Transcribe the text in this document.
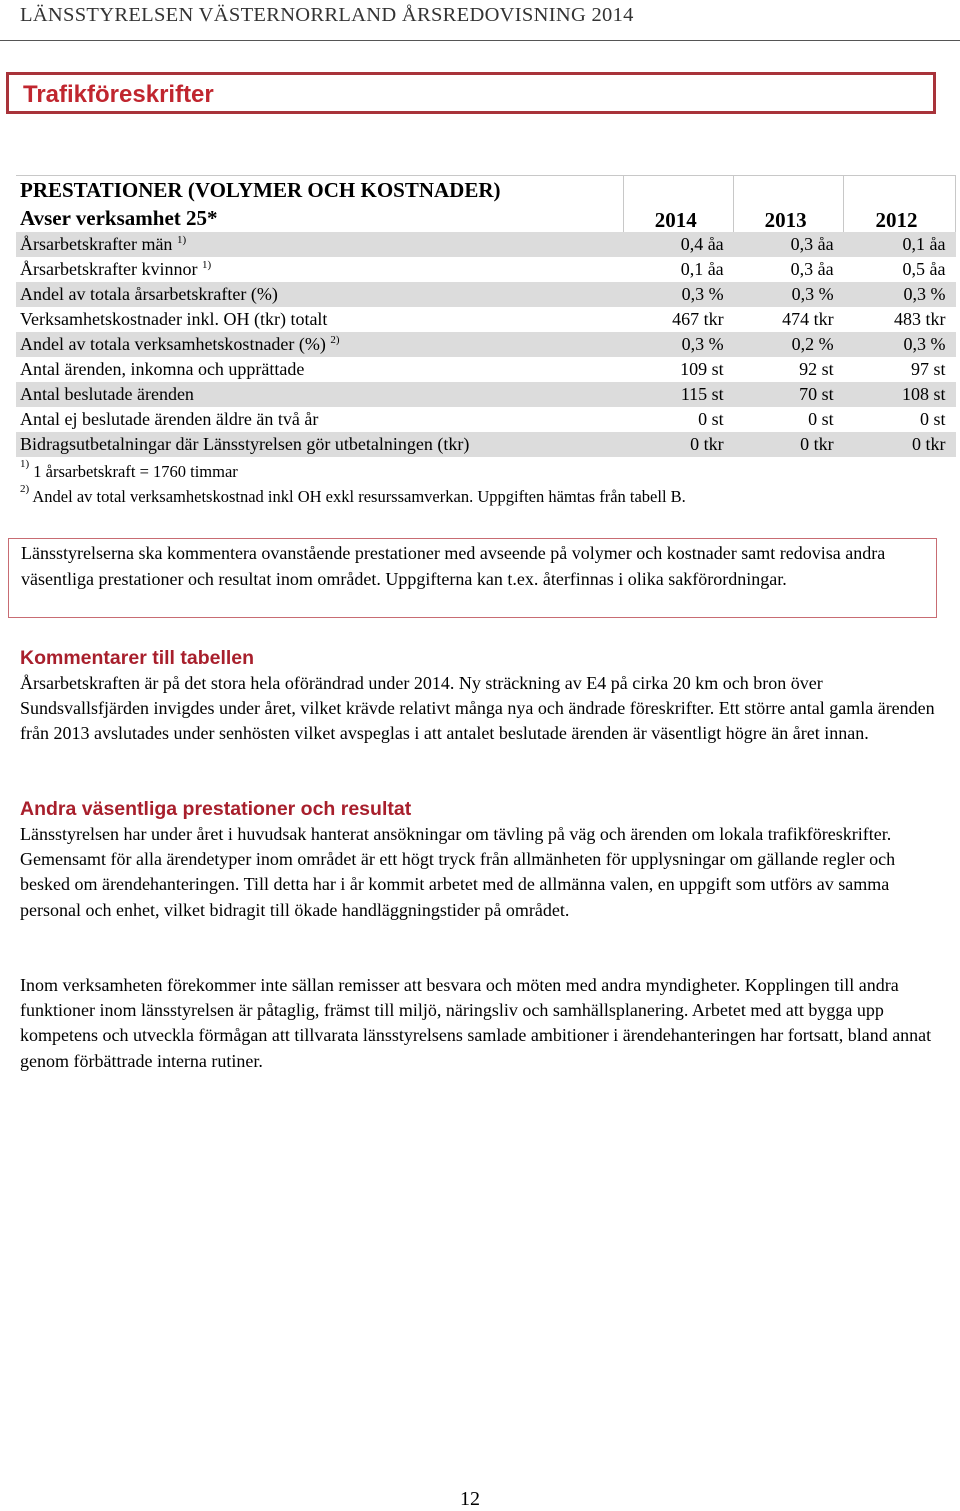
LÄNSSTYRELSEN VÄSTERNORRLAND ÅRSREDOVISNING 2014
Trafikföreskrifter
PRESTATIONER (VOLYMER OCH KOSTNADER)	2014	2013	2012
Avser verksamhet 25*			
Årsarbetskrafter män $^{1)}$	0,4 åa	0,3 åa	0,1 åa
Årsarbetskrafter kvinnor $^{1)}$	0,1 åa	0,3 åa	0,5 åa
Andel av totala årsarbetskrafter (%)	0,3 %	0,3 %	0,3 %
Verksamhetskostnader inkl. OH (tkr) totalt	467 tkr	474 tkr	483 tkr
Andel av totala verksamhetskostnader (%) $^{2)}$	0,3 %	0,2 %	0,3 %
Antal ärenden, inkomna och upprättade	109 st	92 st	97 st
Antal beslutade ärenden	115 st	70 st	108 st
Antal ej beslutade ärenden äldre än två år	0 st	0 st	0 st
Bidragsutbetalningar där Länsstyrelsen gör utbetalningen (tkr)	0 tkr	0 tkr	0 tkr
$^{1)}$ 1 årsarbetskraft = 1760 timmar
$^{2)}$ Andel av total verksamhetskostnad inkl OH exkl resurssamverkan. Uppgiften hämtas från tabell B.
Länsstyrelserna ska kommentera ovanstående prestationer med avseende på volymer och kostnader samt redovisa andra väsentliga prestationer och resultat inom området. Uppgifterna kan t.ex. återfinnas i olika sakförordningar.
Kommentarer till tabellen

Årsarbetskraften är på det stora hela oförändrad under 2014. Ny sträckning av E4 på cirka 20 km och bron över Sundsvallsfjärden invigdes under året, vilket krävde relativt många nya och ändrade föreskrifter. Ett större antal gamla ärenden från 2013 avslutades under senhösten vilket avspeglas i att antalet beslutade ärenden är väsentligt högre än året innan.

Andra väsentliga prestationer och resultat

Länsstyrelsen har under året i huvudsak hanterat ansökningar om tävling på väg och ärenden om lokala trafikföreskrifter. Gemensamt för alla ärendetyper inom området är ett högt tryck från allmänheten för upplysningar om gällande regler och besked om ärendehanteringen. Till detta har i år kommit arbetet med de allmänna valen, en uppgift som utförs av samma personal och enhet, vilket bidragit till ökade handläggningstider på området.

Inom verksamheten förekommer inte sällan remisser att besvara och möten med andra myndigheter. Kopplingen till andra funktioner inom länsstyrelsen är påtaglig, främst till miljö, näringsliv och samhällsplanering. Arbetet med att bygga upp kompetens och utveckla förmågan att tillvarata länsstyrelsens samlade ambitioner i ärendehanteringen har fortsatt, bland annat genom förbättrade interna rutiner.

12
